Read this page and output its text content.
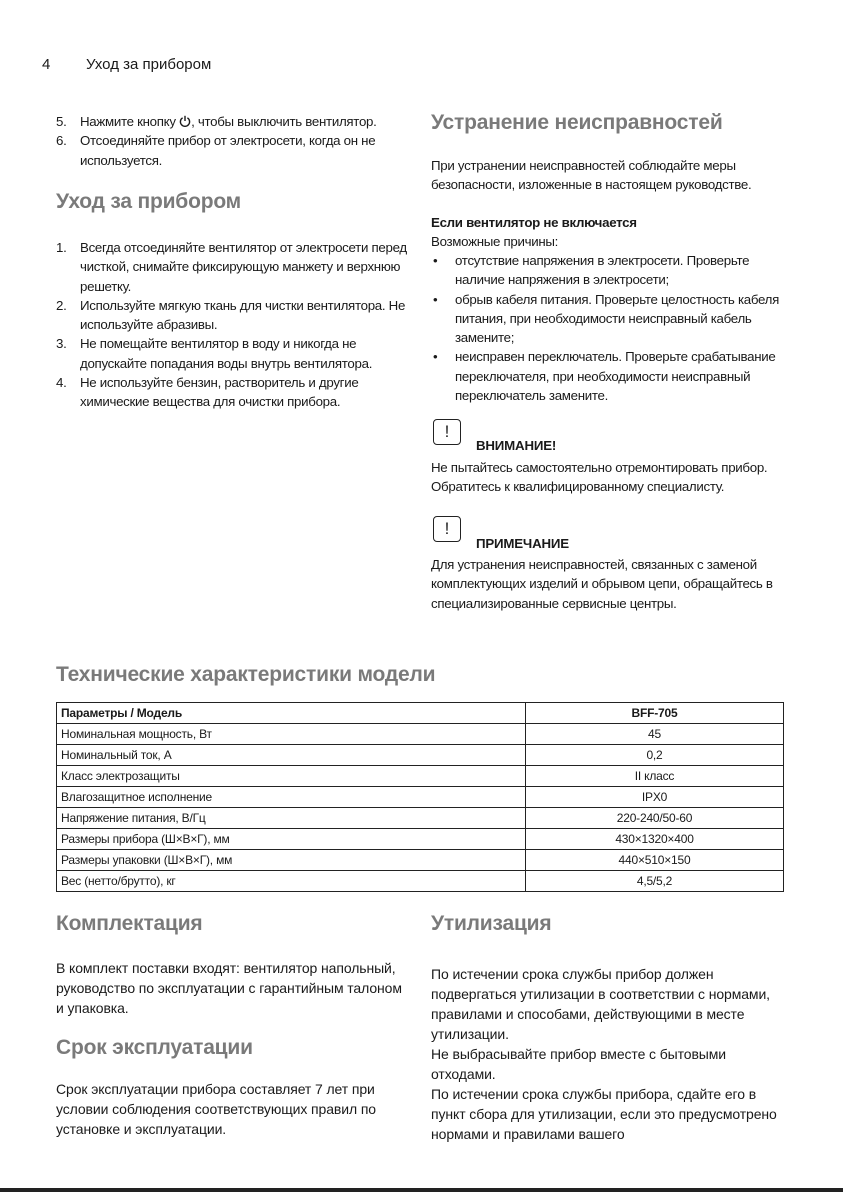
4 Уход за прибором
5. Нажмите кнопку , чтобы выключить вентилятор.
6. Отсоединяйте прибор от электросети, когда он не используется.
Уход за прибором
1. Всегда отсоединяйте вентилятор от электросети перед чисткой, снимайте фиксирующую манжету и верхнюю решетку.
2. Используйте мягкую ткань для чистки вентилятора. Не используйте абразивы.
3. Не помещайте вентилятор в воду и никогда не допускайте попадания воды внутрь вентилятора.
4. Не используйте бензин, растворитель и другие химические вещества для очистки прибора.
Устранение неисправностей
При устранении неисправностей соблюдайте меры безопасности, изложенные в настоящем руководстве.
Если вентилятор не включается
Возможные причины:
• отсутствие напряжения в электросети. Проверьте наличие напряжения в электросети;
• обрыв кабеля питания. Проверьте целостность кабеля питания, при необходимости неисправный кабель замените;
• неисправен переключатель. Проверьте срабатывание переключателя, при необходимости неисправный переключатель замените.
!
ВНИМАНИЕ!
Не пытайтесь самостоятельно отремонтировать прибор. Обратитесь к квалифицированному специалисту.
!
ПРИМЕЧАНИЕ
Для устранения неисправностей, связанных с заменой комплектующих изделий и обрывом цепи, обращайтесь в специализированные сервисные центры.
Технические характеристики модели
Параметры / Модель	BFF-705
Номинальная мощность, Вт	45
Номинальный ток, А	0,2
Класс электрозащиты	II класс
Влагозащитное исполнение	IPX0
Напряжение питания, В/Гц	220-240/50-60
Размеры прибора (Ш×В×Г), мм	430×1320×400
Размеры упаковки (Ш×В×Г), мм	440×510×150
Вес (нетто/брутто), кг	4,5/5,2
Комплектация
В комплект поставки входят: вентилятор напольный, руководство по эксплуатации с гарантийным талоном и упаковка.
Срок эксплуатации
Срок эксплуатации прибора составляет 7 лет при условии соблюдения соответствующих правил по установке и эксплуатации.
Утилизация
По истечении срока службы прибор должен подвергаться утилизации в соответствии с нормами, правилами и способами, действующими в месте утилизации.
Не выбрасывайте прибор вместе с бытовыми отходами.
По истечении срока службы прибора, сдайте его в пункт сбора для утилизации, если это предусмотрено нормами и правилами вашего
